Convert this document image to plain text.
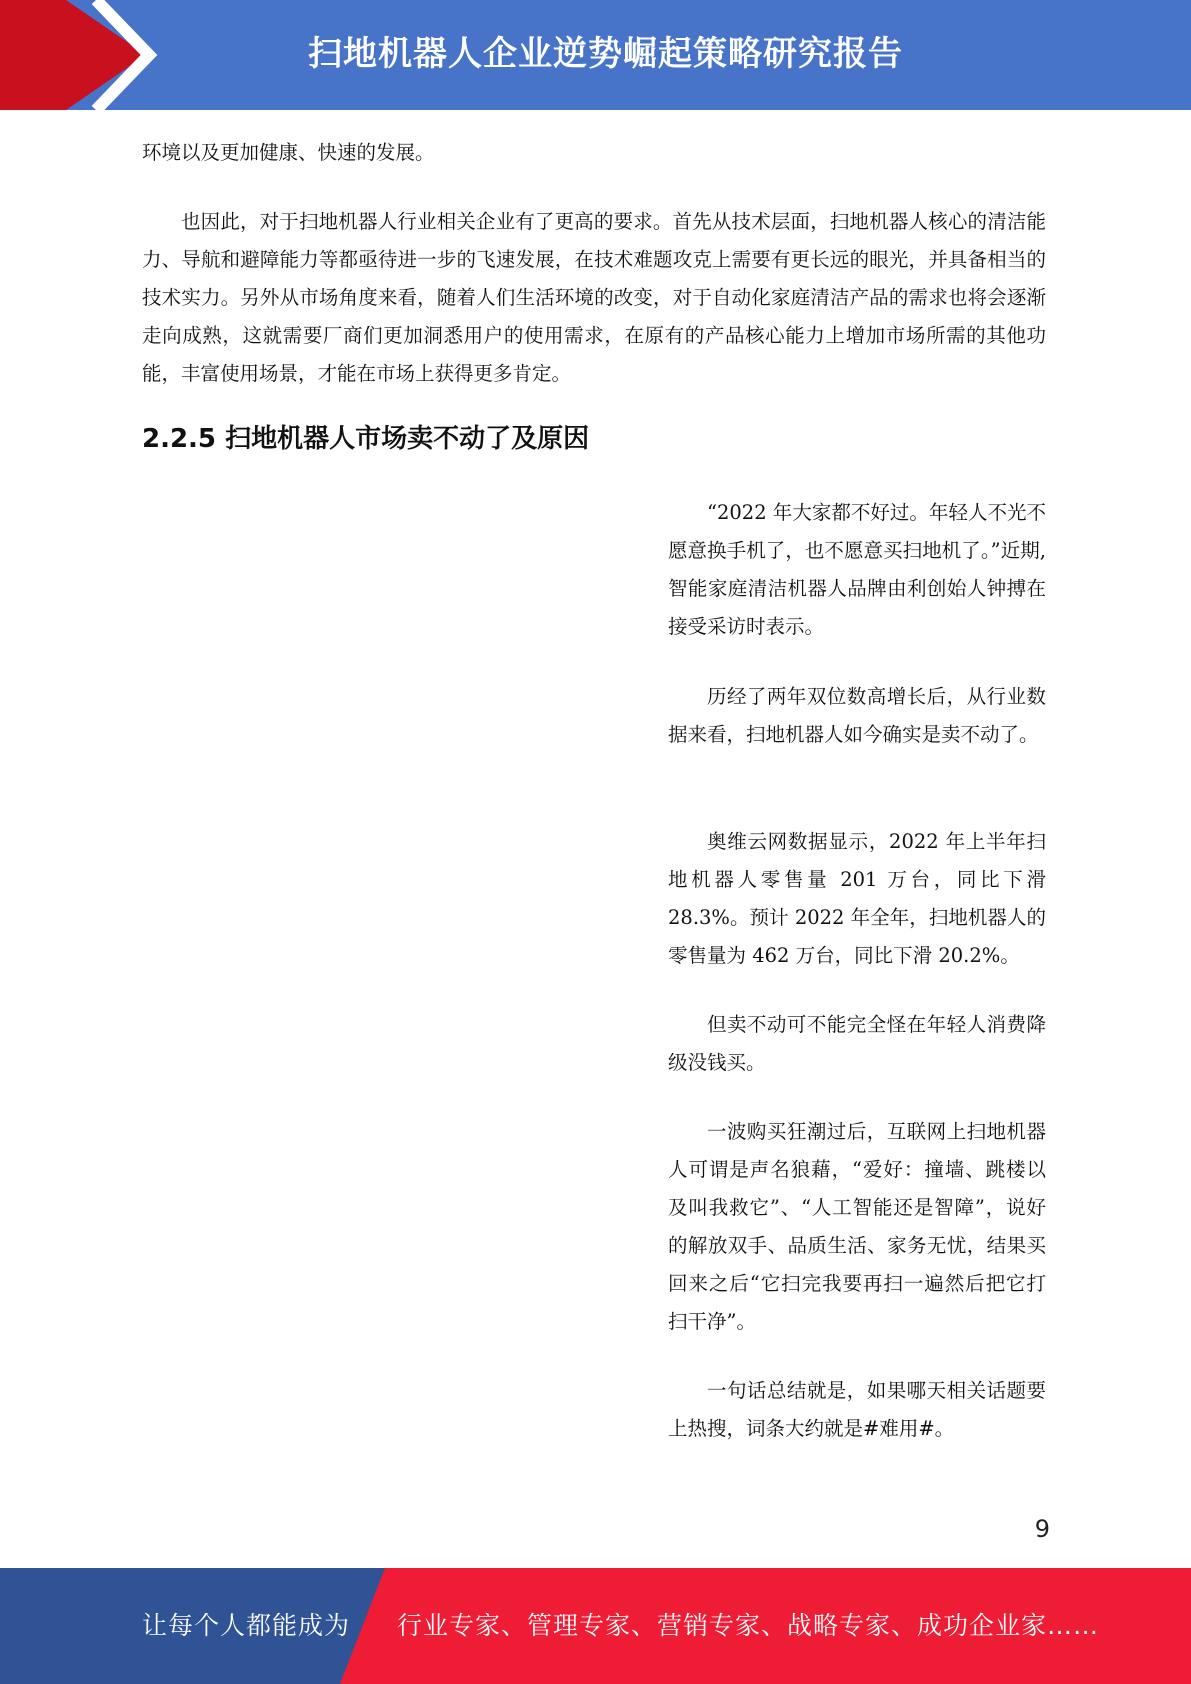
扫地机器人企业逆势崛起策略研究报告

环境以及更加健康、快速的发展。

也因此，对于扫地机器人行业相关企业有了更高的要求。首先从技术层面，扫地机器人核心的清洁能力、导航和避障能力等都亟待进一步的飞速发展，在技术难题攻克上需要有更长远的眼光，并具备相当的技术实力。另外从市场角度来看，随着人们生活环境的改变，对于自动化家庭清洁产品的需求也将会逐渐走向成熟，这就需要厂商们更加洞悉用户的使用需求，在原有的产品核心能力上增加市场所需的其他功能，丰富使用场景，才能在市场上获得更多肯定。

2.2.5 扫地机器人市场卖不动了及原因

“2022 年大家都不好过。年轻人不光不愿意换手机了，也不愿意买扫地机了。”近期,智能家庭清洁机器人品牌由利创始人钟搏在接受采访时表示。

历经了两年双位数高增长后，从行业数据来看，扫地机器人如今确实是卖不动了。

奥维云网数据显示，2022 年上半年扫地机器人零售量 201 万台，同比下滑 28.3%。预计 2022 年全年，扫地机器人的零售量为 462 万台，同比下滑 20.2%。

但卖不动可不能完全怪在年轻人消费降级没钱买。

一波购买狂潮过后，互联网上扫地机器人可谓是声名狼藉，“爱好：撞墙、跳楼以及叫我救它”、“人工智能还是智障”，说好的解放双手、品质生活、家务无忧，结果买回来之后“它扫完我要再扫一遍然后把它打扫干净”。

一句话总结就是，如果哪天相关话题要上热搜，词条大约就是#难用#。

9
让每个人都能成为 行业专家、管理专家、营销专家、战略专家、成功企业家……
